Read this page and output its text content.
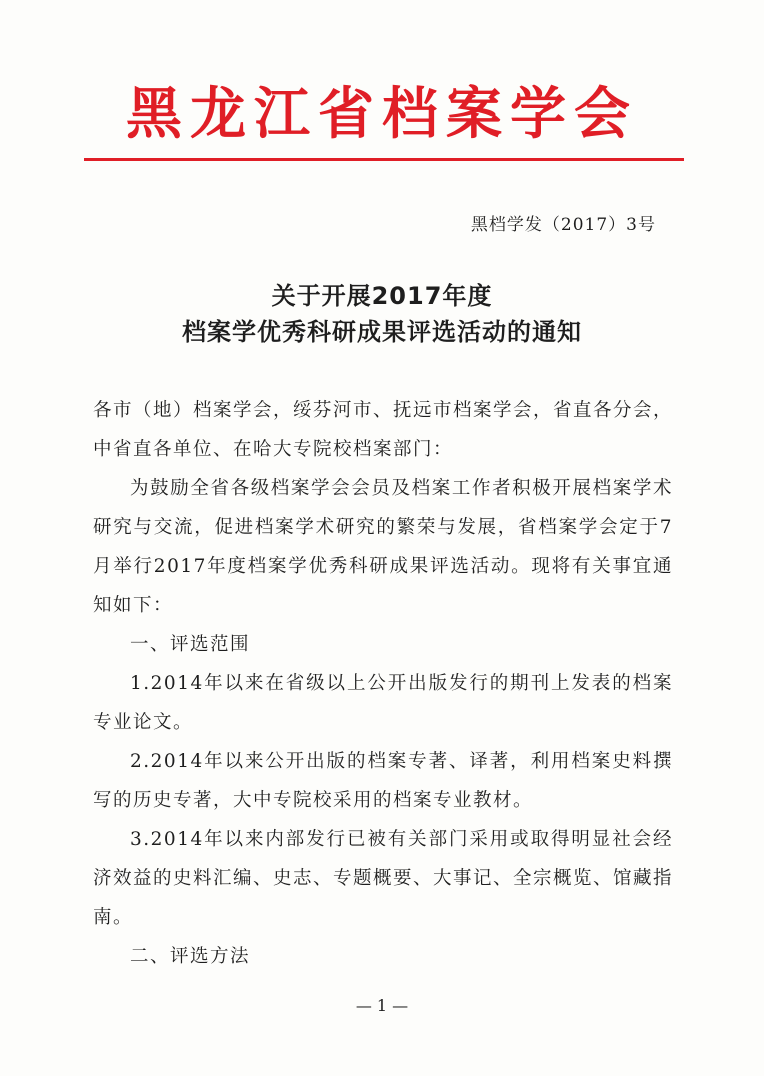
黑龙江省档案学会
黑档学发（2017）3号
关于开展2017年度
档案学优秀科研成果评选活动的通知

各市（地）档案学会，绥芬河市、抚远市档案学会，省直各分会，中省直各单位、在哈大专院校档案部门：

为鼓励全省各级档案学会会员及档案工作者积极开展档案学术研究与交流，促进档案学术研究的繁荣与发展，省档案学会定于7月举行2017年度档案学优秀科研成果评选活动。现将有关事宜通知如下：

一、评选范围

1.2014年以来在省级以上公开出版发行的期刊上发表的档案专业论文。

2.2014年以来公开出版的档案专著、译著，利用档案史料撰写的历史专著，大中专院校采用的档案专业教材。

3.2014年以来内部发行已被有关部门采用或取得明显社会经济效益的史料汇编、史志、专题概要、大事记、全宗概览、馆藏指南。

二、评选方法

— 1 —
